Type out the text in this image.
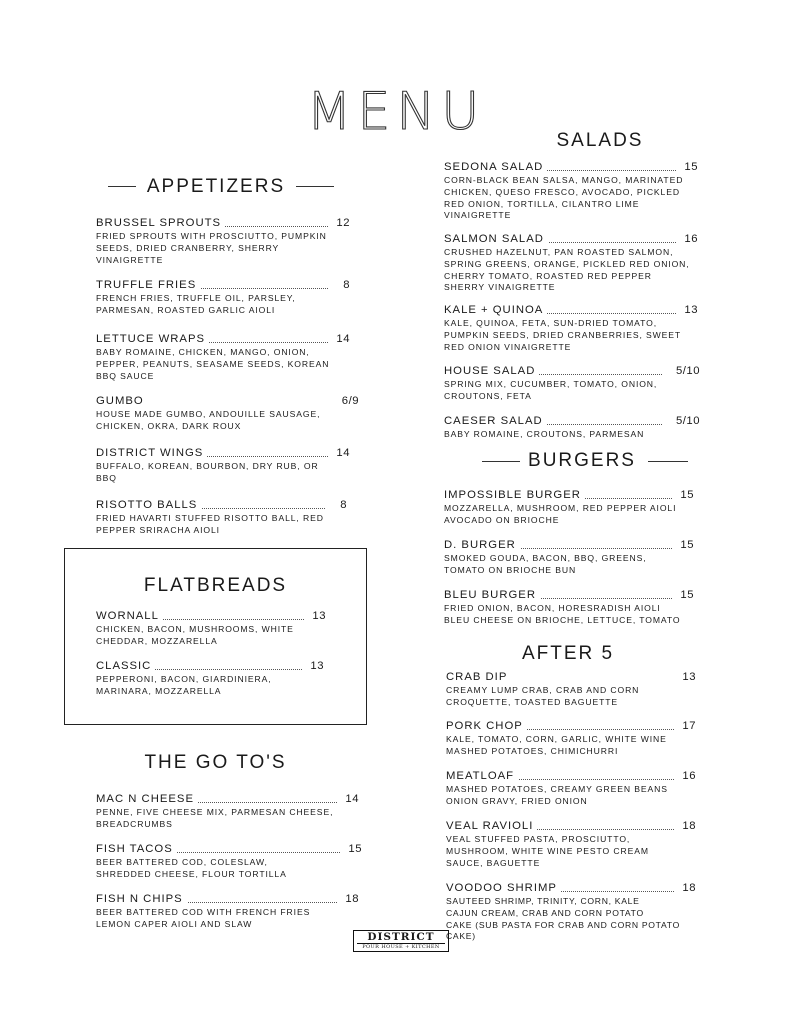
MENU
APPETIZERS
BRUSSEL SPROUTS	12
FRIED SPROUTS WITH PROSCIUTTO, PUMPKIN
SEEDS, DRIED CRANBERRY, SHERRY
VINAIGRETTE
TRUFFLE FRIES	8
FRENCH FRIES, TRUFFLE OIL, PARSLEY,
PARMESAN, ROASTED GARLIC AIOLI
LETTUCE WRAPS	14
BABY ROMAINE, CHICKEN, MANGO, ONION,
PEPPER, PEANUTS, SEASAME SEEDS, KOREAN
BBQ SAUCE
GUMBO	6/9
HOUSE MADE GUMBO, ANDOUILLE SAUSAGE,
CHICKEN, OKRA, DARK ROUX
DISTRICT WINGS	14
BUFFALO, KOREAN, BOURBON, DRY RUB, OR
BBQ
RISOTTO BALLS	8
FRIED HAVARTI STUFFED RISOTTO BALL, RED
PEPPER SRIRACHA AIOLI
FLATBREADS
WORNALL	13
CHICKEN, BACON, MUSHROOMS, WHITE
CHEDDAR, MOZZARELLA
CLASSIC	13
PEPPERONI, BACON, GIARDINIERA,
MARINARA, MOZZARELLA
THE GO TO'S
MAC N CHEESE	14
PENNE, FIVE CHEESE MIX, PARMESAN CHEESE,
BREADCRUMBS
FISH TACOS	15
BEER BATTERED COD, COLESLAW,
SHREDDED CHEESE, FLOUR TORTILLA
FISH N CHIPS	18
BEER BATTERED COD WITH FRENCH FRIES
LEMON CAPER AIOLI AND SLAW
SALADS
SEDONA SALAD	15
CORN-BLACK BEAN SALSA, MANGO, MARINATED
CHICKEN, QUESO FRESCO, AVOCADO, PICKLED
RED ONION, TORTILLA, CILANTRO LIME
VINAIGRETTE
SALMON SALAD	16
CRUSHED HAZELNUT, PAN ROASTED SALMON,
SPRING GREENS, ORANGE, PICKLED RED ONION,
CHERRY TOMATO, ROASTED RED PEPPER
SHERRY VINAIGRETTE
KALE + QUINOA	13
KALE, QUINOA, FETA, SUN-DRIED TOMATO,
PUMPKIN SEEDS, DRIED CRANBERRIES, SWEET
RED ONION VINAIGRETTE
HOUSE SALAD	5/10
SPRING MIX, CUCUMBER, TOMATO, ONION,
CROUTONS, FETA
CAESER SALAD	5/10
BABY ROMAINE, CROUTONS, PARMESAN
BURGERS
IMPOSSIBLE BURGER	15
MOZZARELLA, MUSHROOM, RED PEPPER AIOLI
AVOCADO ON BRIOCHE
D. BURGER	15
SMOKED GOUDA, BACON, BBQ, GREENS,
TOMATO ON BRIOCHE BUN
BLEU BURGER	15
FRIED ONION, BACON, HORESRADISH AIOLI
BLEU CHEESE ON BRIOCHE, LETTUCE, TOMATO
AFTER 5
CRAB DIP	13
CREAMY LUMP CRAB, CRAB AND CORN
CROQUETTE, TOASTED BAGUETTE
PORK CHOP	17
KALE, TOMATO, CORN, GARLIC, WHITE WINE
MASHED POTATOES, CHIMICHURRI
MEATLOAF	16
MASHED POTATOES, CREAMY GREEN BEANS
ONION GRAVY, FRIED ONION
VEAL RAVIOLI	18
VEAL STUFFED PASTA, PROSCIUTTO,
MUSHROOM, WHITE WINE PESTO CREAM
SAUCE, BAGUETTE
VOODOO SHRIMP	18
SAUTEED SHRIMP, TRINITY, CORN, KALE
CAJUN CREAM, CRAB AND CORN POTATO
CAKE (SUB PASTA FOR CRAB AND CORN POTATO CAKE)
DISTRICT
POUR HOUSE + KITCHEN
